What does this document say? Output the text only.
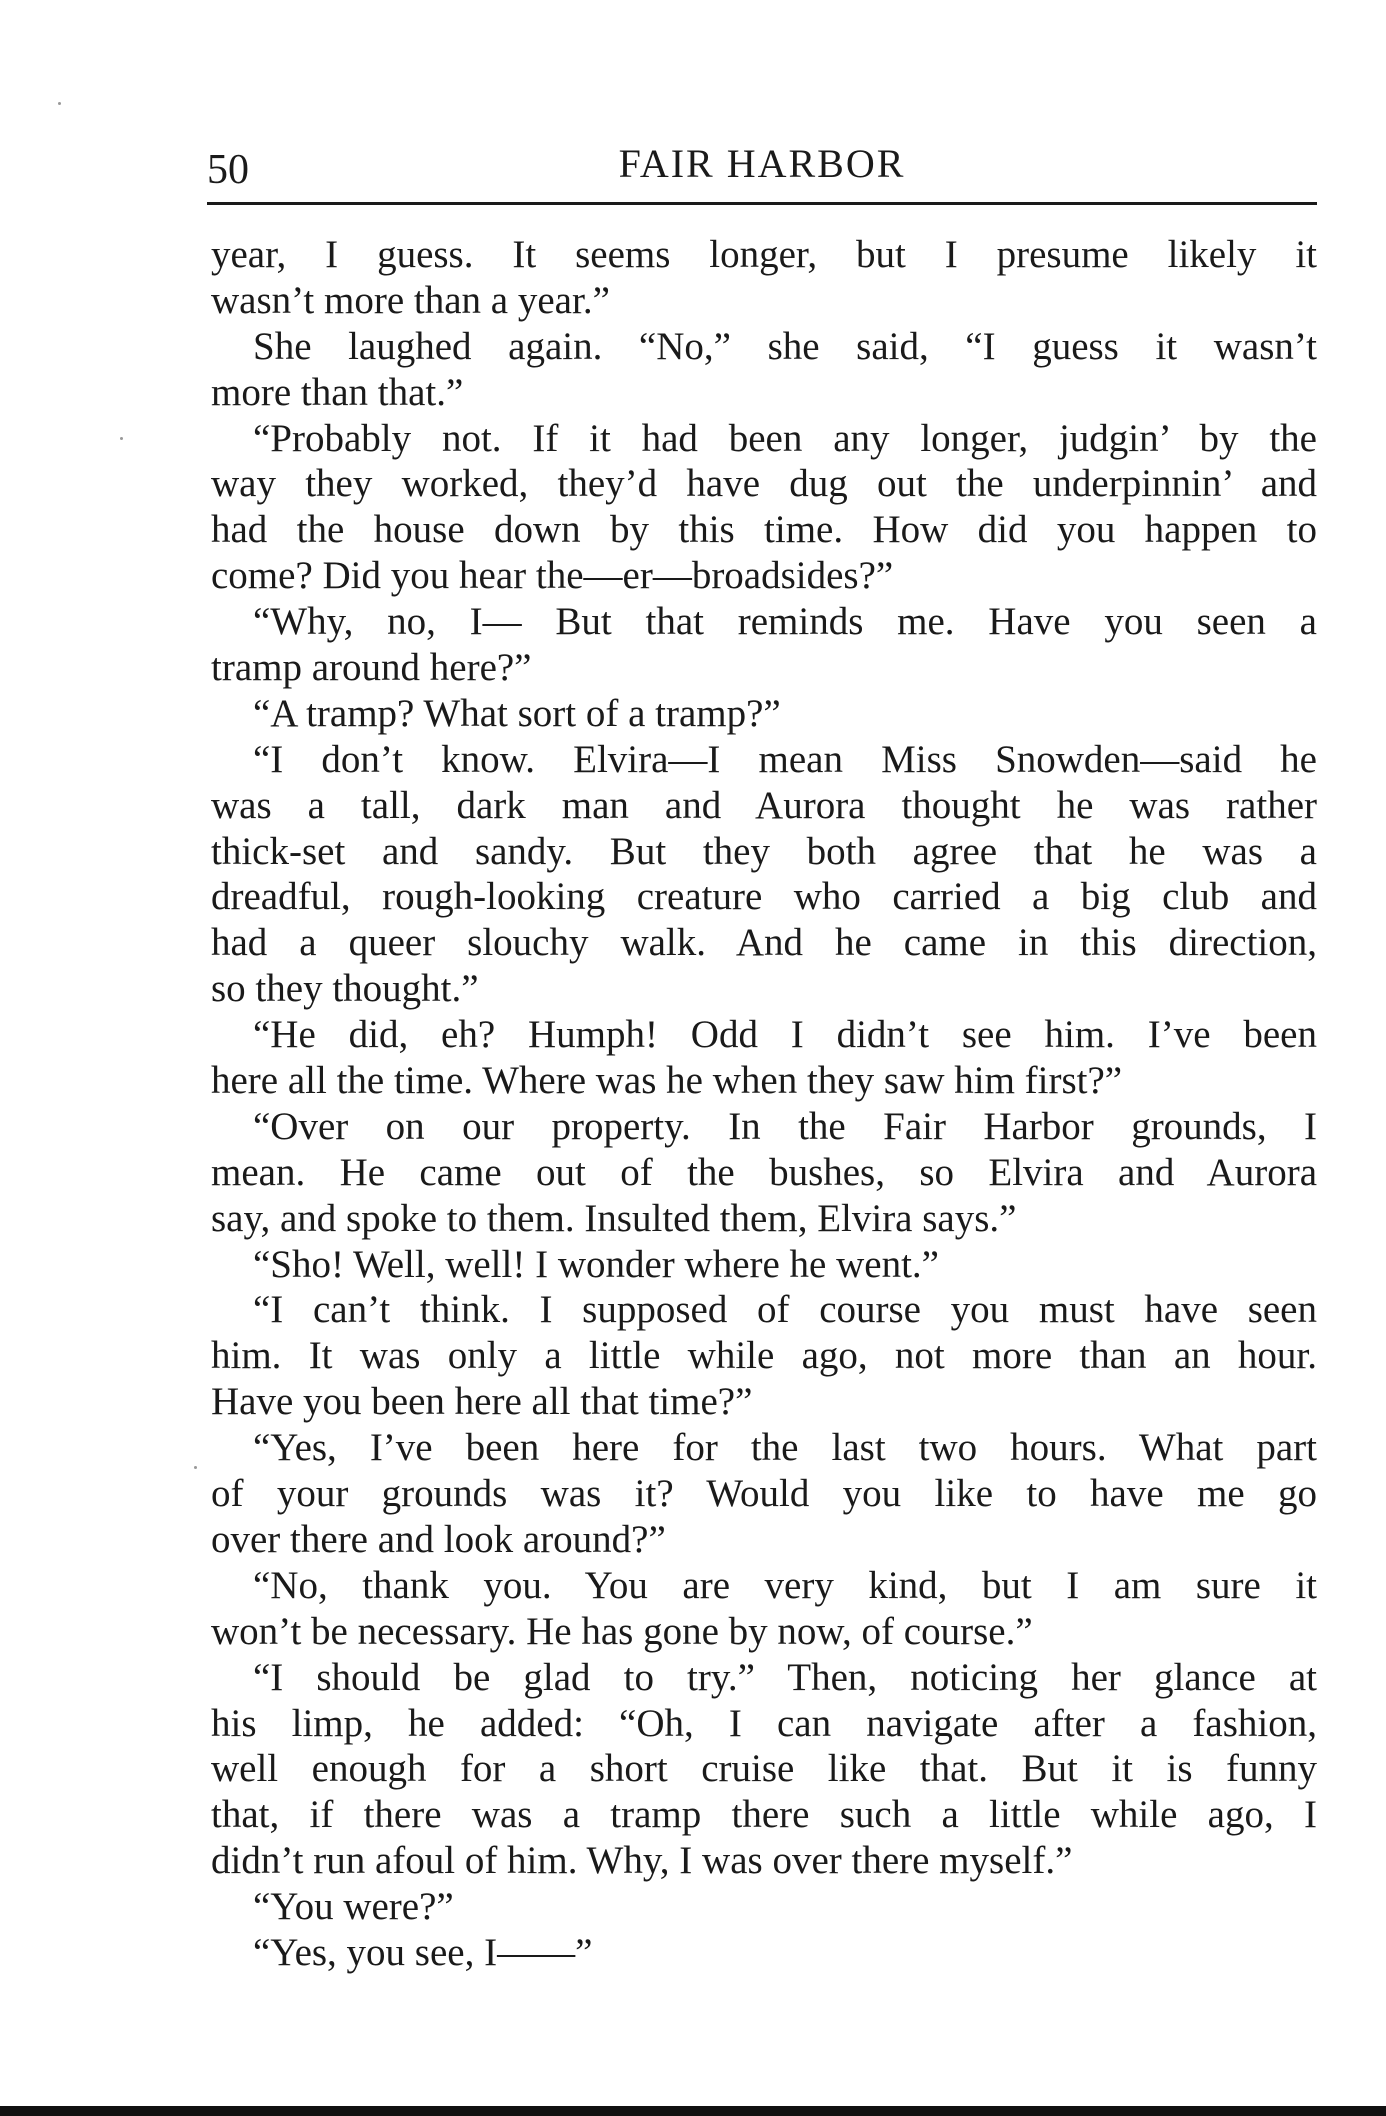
50	FAIR HARBOR
year, I guess. It seems longer, but I presume likely it
wasn’t more than a year.”
She laughed again. “No,” she said, “I guess it wasn’t
more than that.”
“Probably not. If it had been any longer, judgin’ by the
way they worked, they’d have dug out the underpinnin’ and
had the house down by this time. How did you happen to
come? Did you hear the—er—broadsides?”
“Why, no, I— But that reminds me. Have you seen a
tramp around here?”
“A tramp? What sort of a tramp?”
“I don’t know. Elvira—I mean Miss Snowden—said he
was a tall, dark man and Aurora thought he was rather
thick-set and sandy. But they both agree that he was a
dreadful, rough-looking creature who carried a big club and
had a queer slouchy walk. And he came in this direction,
so they thought.”
“He did, eh? Humph! Odd I didn’t see him. I’ve been
here all the time. Where was he when they saw him first?”
“Over on our property. In the Fair Harbor grounds, I
mean. He came out of the bushes, so Elvira and Aurora
say, and spoke to them. Insulted them, Elvira says.”
“Sho! Well, well! I wonder where he went.”
“I can’t think. I supposed of course you must have seen
him. It was only a little while ago, not more than an hour.
Have you been here all that time?”
“Yes, I’ve been here for the last two hours. What part
of your grounds was it? Would you like to have me go
over there and look around?”
“No, thank you. You are very kind, but I am sure it
won’t be necessary. He has gone by now, of course.”
“I should be glad to try.” Then, noticing her glance at
his limp, he added: “Oh, I can navigate after a fashion,
well enough for a short cruise like that. But it is funny
that, if there was a tramp there such a little while ago, I
didn’t run afoul of him. Why, I was over there myself.”
“You were?”
“Yes, you see, I——”
